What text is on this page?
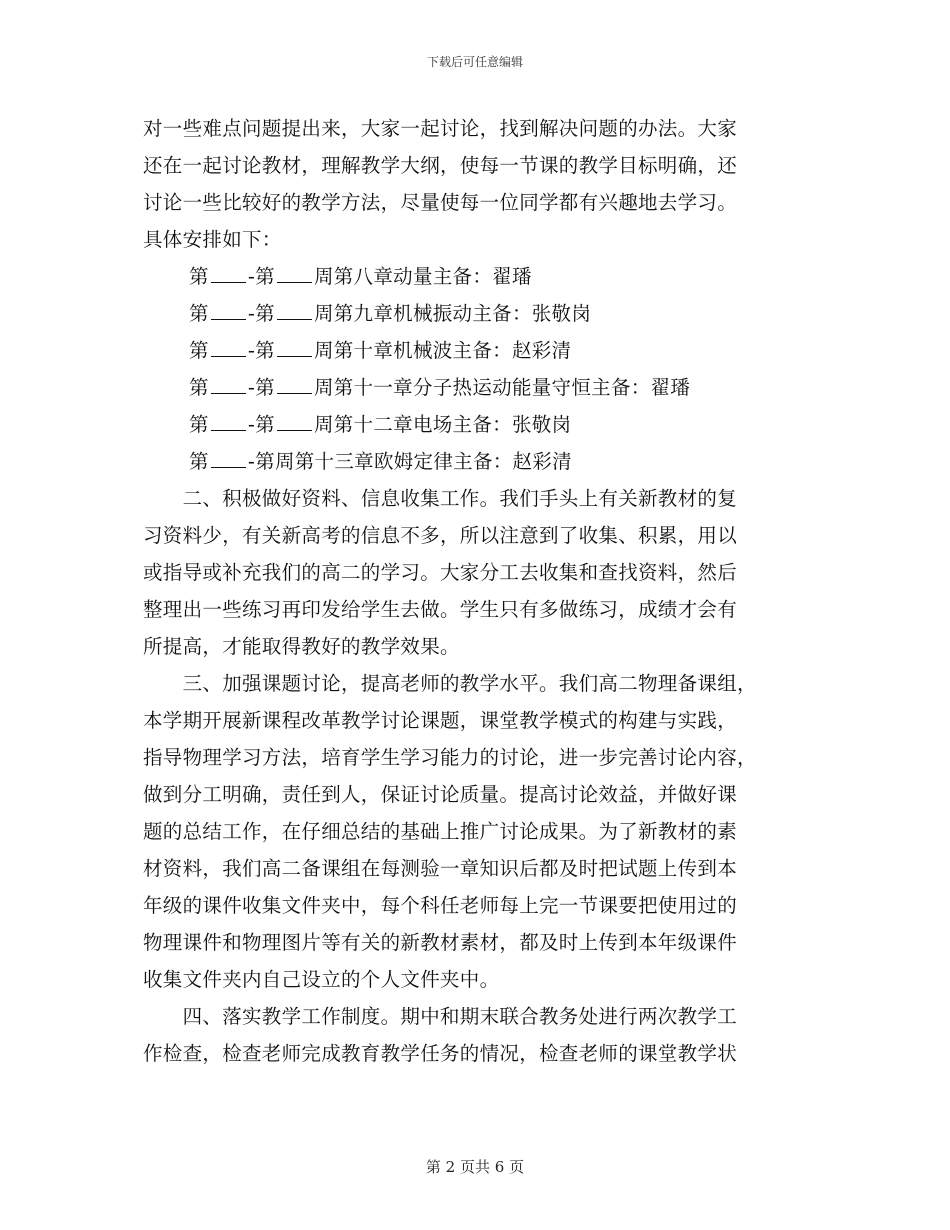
下载后可任意编辑

对一些难点问题提出来，大家一起讨论，找到解决问题的办法。大家

还在一起讨论教材，理解教学大纲，使每一节课的教学目标明确，还

讨论一些比较好的教学方法，尽量使每一位同学都有兴趣地去学习。

具体安排如下：

第 -第 周第八章动量主备：翟璠

第 -第 周第九章机械振动主备：张敬岗

第 -第 周第十章机械波主备：赵彩清

第 -第 周第十一章分子热运动能量守恒主备：翟璠

第 -第 周第十二章电场主备：张敬岗

第 -第周第十三章欧姆定律主备：赵彩清

　　二、积极做好资料、信息收集工作。我们手头上有关新教材的复

习资料少，有关新高考的信息不多，所以注意到了收集、积累，用以

或指导或补充我们的高二的学习。大家分工去收集和查找资料，然后

整理出一些练习再印发给学生去做。学生只有多做练习，成绩才会有

所提高，才能取得教好的教学效果。

　　三、加强课题讨论，提高老师的教学水平。我们高二物理备课组，

本学期开展新课程改革教学讨论课题，课堂教学模式的构建与实践，

指导物理学习方法，培育学生学习能力的讨论，进一步完善讨论内容，

做到分工明确，责任到人，保证讨论质量。提高讨论效益，并做好课

题的总结工作，在仔细总结的基础上推广讨论成果。为了新教材的素

材资料，我们高二备课组在每测验一章知识后都及时把试题上传到本

年级的课件收集文件夹中，每个科任老师每上完一节课要把使用过的

物理课件和物理图片等有关的新教材素材，都及时上传到本年级课件

收集文件夹内自己设立的个人文件夹中。

　　四、落实教学工作制度。期中和期末联合教务处进行两次教学工

作检查，检查老师完成教育教学任务的情况，检查老师的课堂教学状

第 2 页共 6 页
